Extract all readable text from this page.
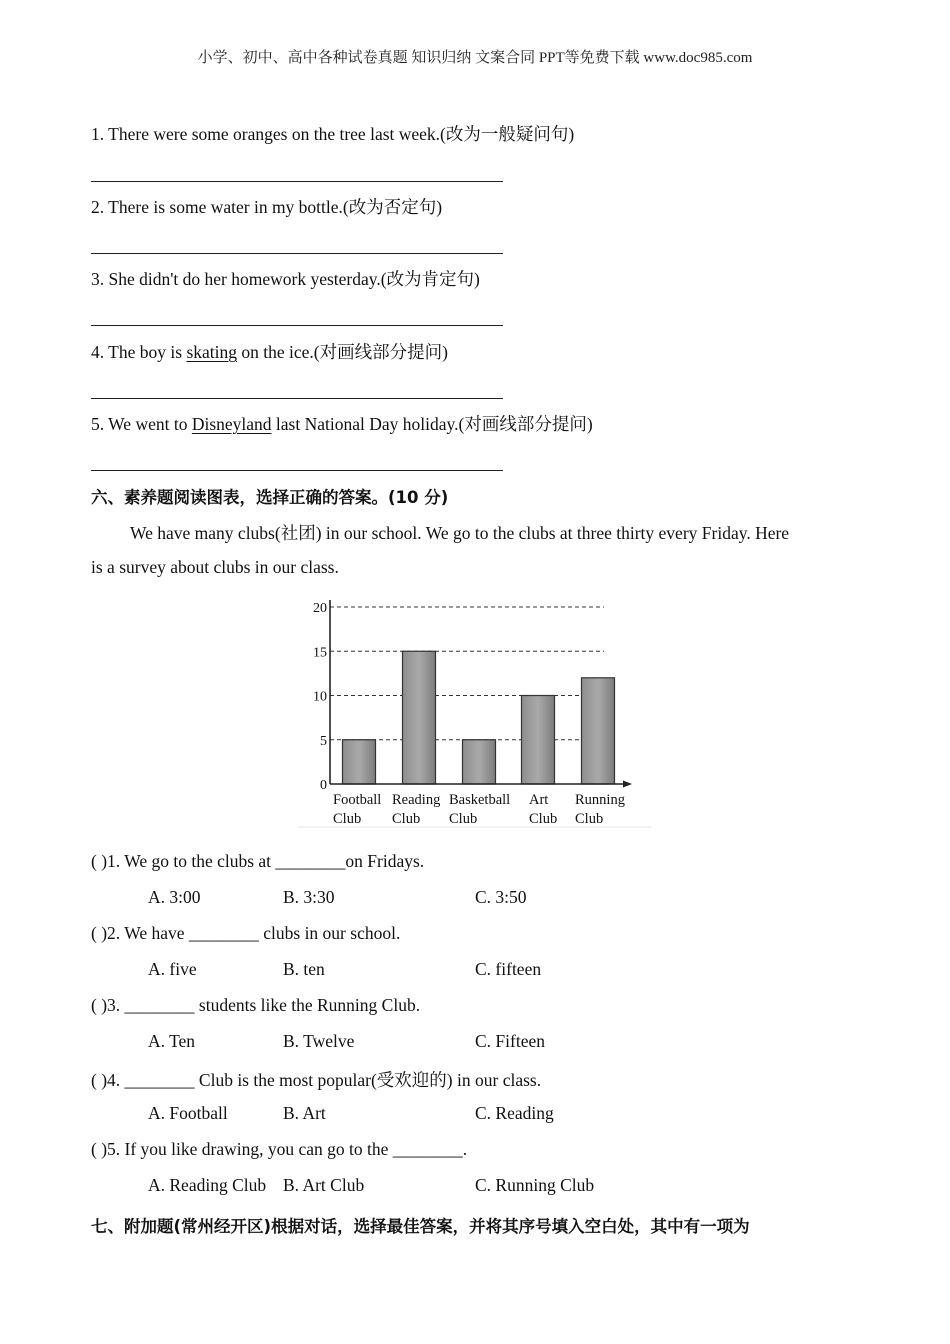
小学、初中、高中各种试卷真题 知识归纳 文案合同 PPT等免费下载 www.doc985.com
1. There were some oranges on the tree last week.(改为一般疑问句)
2. There is some water in my bottle.(改为否定句)
3. She didn't do her homework yesterday.(改为肯定句)
4. The boy is skating on the ice.(对画线部分提问)
5. We went to Disneyland last National Day holiday.(对画线部分提问)
六、素养题阅读图表，选择正确的答案。(10 分)
We have many clubs(社团) in our school. We go to the clubs at three thirty every Friday. Here
is a survey about clubs in our class.
0
5
10
15
20
Football
Club
Reading
Club
Basketball
Club
Art
Club
Running
Club
( )1. We go to the clubs at ________on Fridays.
A. 3:00	B. 3:30	C. 3:50
( )2. We have ________ clubs in our school.
A. five	B. ten	C. fifteen
( )3. ________ students like the Running Club.
A. Ten	B. Twelve	C. Fifteen
( )4. ________ Club is the most popular(受欢迎的) in our class.
A. Football	B. Art	C. Reading
( )5. If you like drawing, you can go to the ________.
A. Reading Club B. Art Club	C. Running Club
七、附加题(常州经开区)根据对话，选择最佳答案，并将其序号填入空白处，其中有一项为
